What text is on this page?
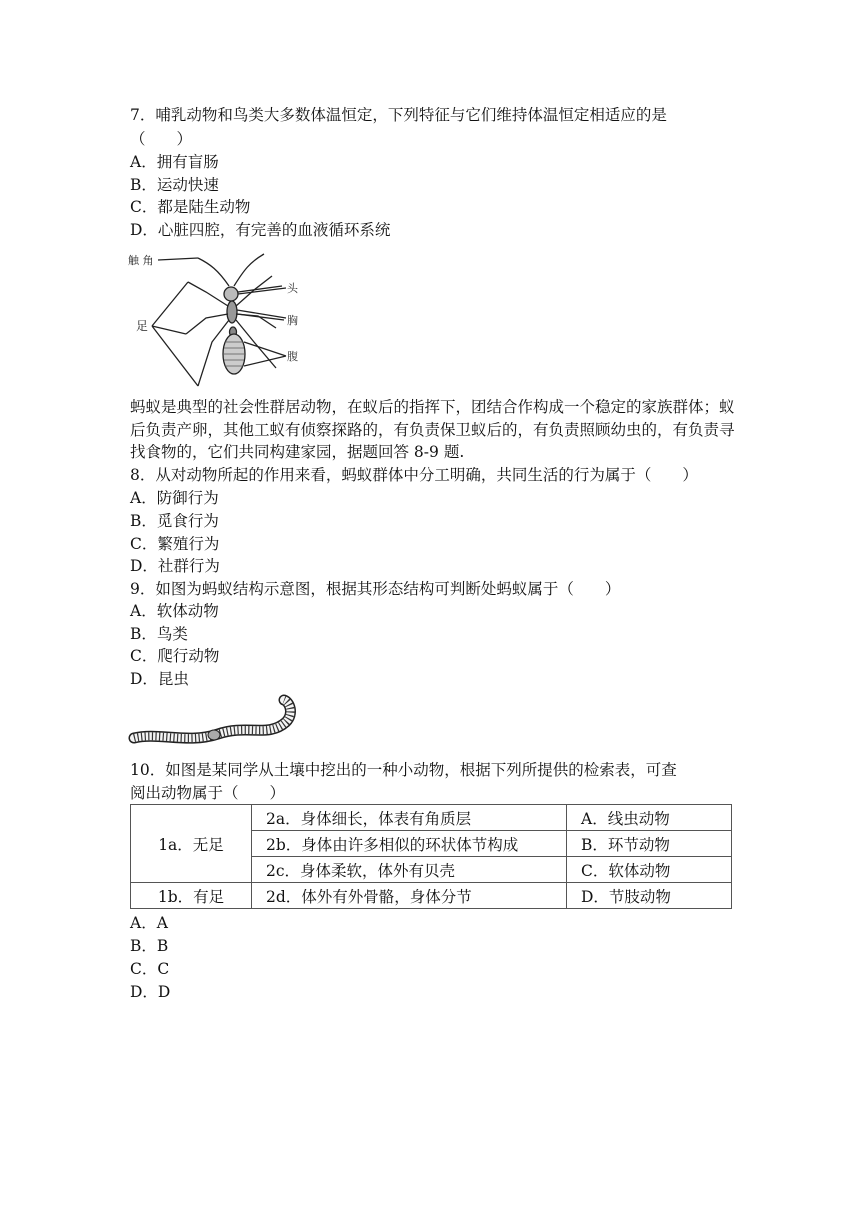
7．哺乳动物和鸟类大多数体温恒定，下列特征与它们维持体温恒定相适应的是
（　　）
A．拥有盲肠
B．运动快速
C．都是陆生动物
D．心脏四腔，有完善的血液循环系统
触 角
足
头
胸
腹
蚂蚁是典型的社会性群居动物，在蚁后的指挥下，团结合作构成一个稳定的家族群体；蚁后负责产卵，其他工蚁有侦察探路的，有负责保卫蚁后的，有负责照顾幼虫的，有负责寻找食物的，它们共同构建家园，据题回答 8-9 题.
8．从对动物所起的作用来看，蚂蚁群体中分工明确，共同生活的行为属于（　　）
A．防御行为
B．觅食行为
C．繁殖行为
D．社群行为
9．如图为蚂蚁结构示意图，根据其形态结构可判断处蚂蚁属于（　　）
A．软体动物
B．鸟类
C．爬行动物
D．昆虫
10．如图是某同学从土壤中挖出的一种小动物，根据下列所提供的检索表，可查
阅出动物属于（　　）
1a．无足	2a．身体细长，体表有角质层	A．线虫动物
	2b．身体由许多相似的环状体节构成	B．环节动物
	2c．身体柔软，体外有贝壳	C．软体动物
1b．有足	2d．体外有外骨骼，身体分节	D．节肢动物
A．A
B．B
C．C
D．D
